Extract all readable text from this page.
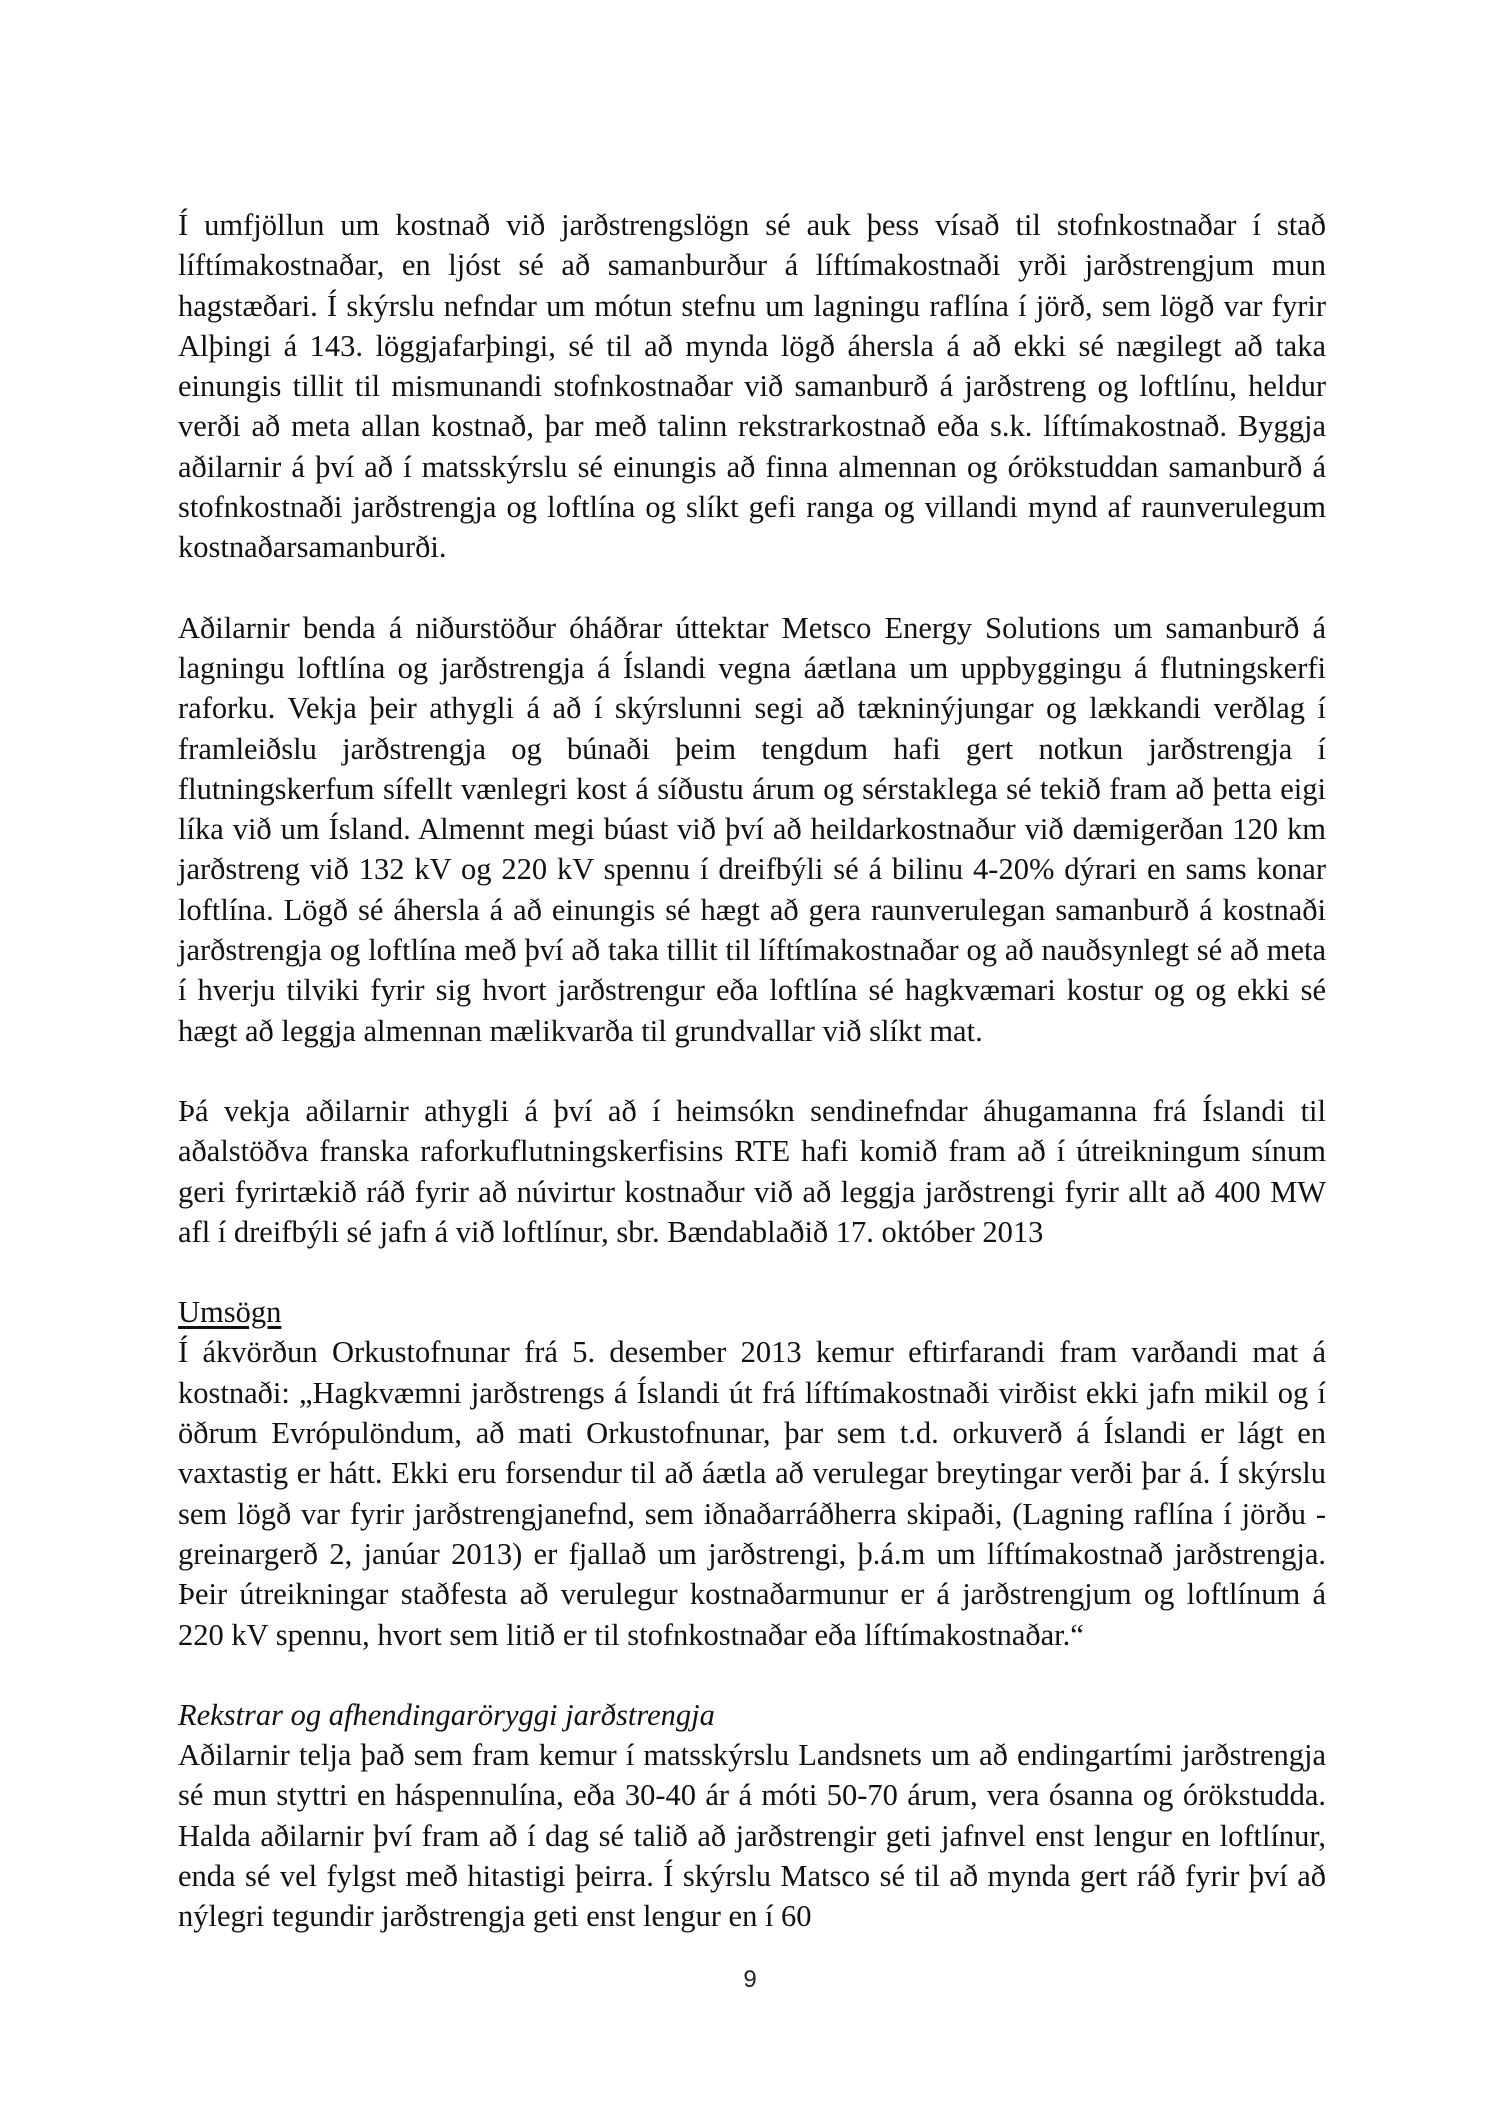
Í umfjöllun um kostnað við jarðstrengslögn sé auk þess vísað til stofnkostnaðar í stað líftímakostnaðar, en ljóst sé að samanburður á líftímakostnaði yrði jarðstrengjum mun hagstæðari. Í skýrslu nefndar um mótun stefnu um lagningu raflína í jörð, sem lögð var fyrir Alþingi á 143. löggjafarþingi, sé til að mynda lögð áhersla á að ekki sé nægilegt að taka einungis tillit til mismunandi stofnkostnaðar við samanburð á jarðstreng og loftlínu, heldur verði að meta allan kostnað, þar með talinn rekstrarkostnað eða s.k. líftímakostnað. Byggja aðilarnir á því að í matsskýrslu sé einungis að finna almennan og órökstuddan samanburð á stofnkostnaði jarðstrengja og loftlína og slíkt gefi ranga og villandi mynd af raunverulegum kostnaðarsamanburði.

Aðilarnir benda á niðurstöður óháðrar úttektar Metsco Energy Solutions um samanburð á lagningu loftlína og jarðstrengja á Íslandi vegna áætlana um uppbyggingu á flutningskerfi raforku. Vekja þeir athygli á að í skýrslunni segi að tækninýjungar og lækkandi verðlag í framleiðslu jarðstrengja og búnaði þeim tengdum hafi gert notkun jarðstrengja í flutningskerfum sífellt vænlegri kost á síðustu árum og sérstaklega sé tekið fram að þetta eigi líka við um Ísland. Almennt megi búast við því að heildarkostnaður við dæmigerðan 120 km jarðstreng við 132 kV og 220 kV spennu í dreifbýli sé á bilinu 4-20% dýrari en sams konar loftlína. Lögð sé áhersla á að einungis sé hægt að gera raunverulegan samanburð á kostnaði jarðstrengja og loftlína með því að taka tillit til líftímakostnaðar og að nauðsynlegt sé að meta í hverju tilviki fyrir sig hvort jarðstrengur eða loftlína sé hagkvæmari kostur og og ekki sé hægt að leggja almennan mælikvarða til grundvallar við slíkt mat.

Þá vekja aðilarnir athygli á því að í heimsókn sendinefndar áhugamanna frá Íslandi til aðalstöðva franska raforkuflutningskerfisins RTE hafi komið fram að í útreikningum sínum geri fyrirtækið ráð fyrir að núvirtur kostnaður við að leggja jarðstrengi fyrir allt að 400 MW afl í dreifbýli sé jafn á við loftlínur, sbr. Bændablaðið 17. október 2013

Umsögn

Í ákvörðun Orkustofnunar frá 5. desember 2013 kemur eftirfarandi fram varðandi mat á kostnaði: „Hagkvæmni jarðstrengs á Íslandi út frá líftímakostnaði virðist ekki jafn mikil og í öðrum Evrópulöndum, að mati Orkustofnunar, þar sem t.d. orkuverð á Íslandi er lágt en vaxtastig er hátt. Ekki eru forsendur til að áætla að verulegar breytingar verði þar á. Í skýrslu sem lögð var fyrir jarðstrengjanefnd, sem iðnaðarráðherra skipaði, (Lagning raflína í jörðu - greinargerð 2, janúar 2013) er fjallað um jarðstrengi, þ.á.m um líftímakostnað jarðstrengja. Þeir útreikningar staðfesta að verulegur kostnaðarmunur er á jarðstrengjum og loftlínum á 220 kV spennu, hvort sem litið er til stofnkostnaðar eða líftímakostnaðar.“

Rekstrar og afhendingaröryggi jarðstrengja

Aðilarnir telja það sem fram kemur í matsskýrslu Landsnets um að endingartími jarðstrengja sé mun styttri en háspennulína, eða 30-40 ár á móti 50-70 árum, vera ósanna og órökstudda. Halda aðilarnir því fram að í dag sé talið að jarðstrengir geti jafnvel enst lengur en loftlínur, enda sé vel fylgst með hitastigi þeirra. Í skýrslu Matsco sé til að mynda gert ráð fyrir því að nýlegri tegundir jarðstrengja geti enst lengur en í 60

9
